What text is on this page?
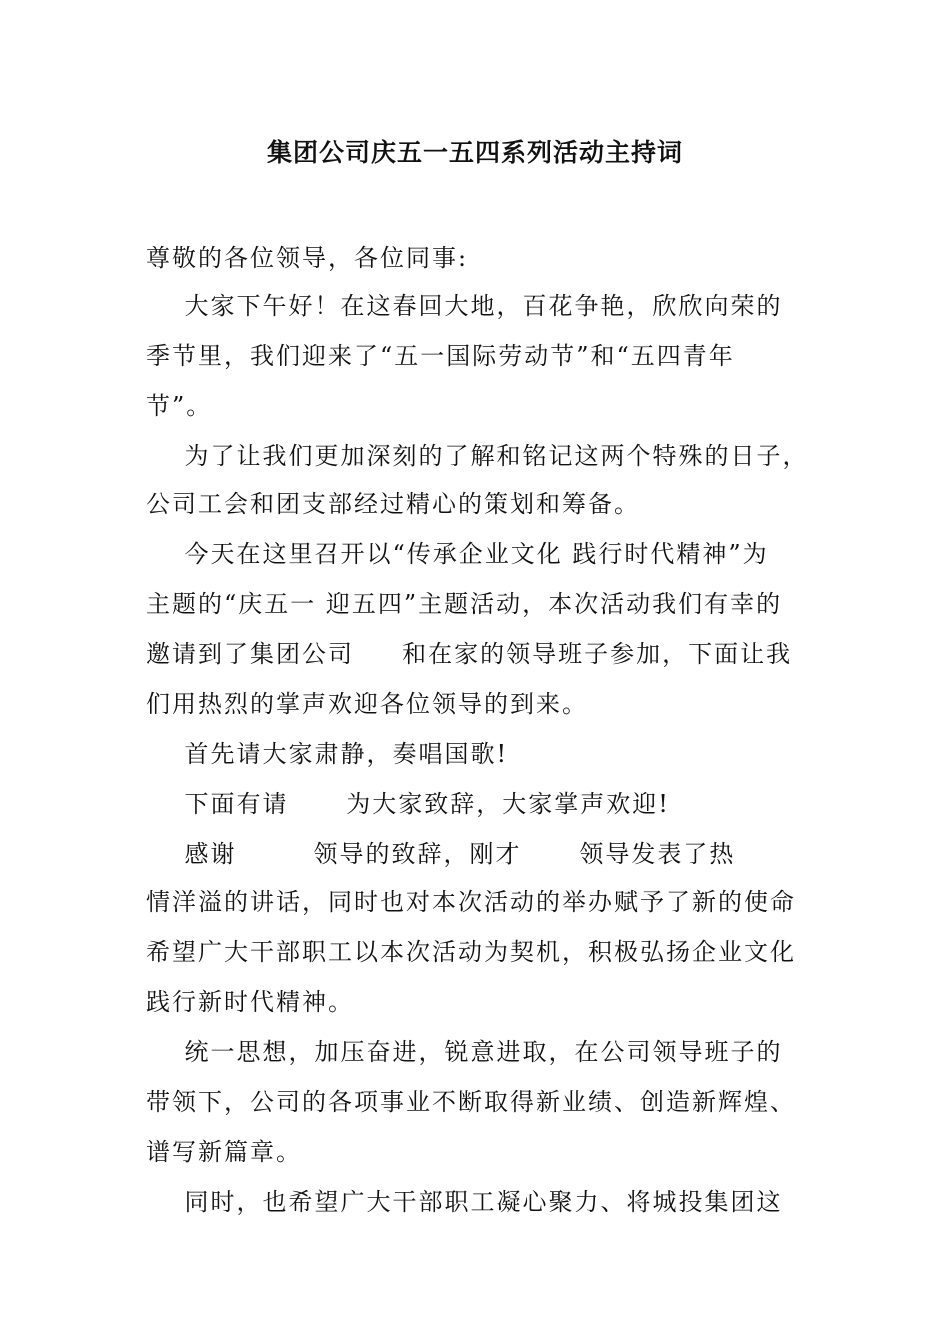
集团公司庆五一五四系列活动主持词
尊敬的各位领导，各位同事:
大家下午好！在这春回大地，百花争艳，欣欣向荣的
季节里，我们迎来了“五一国际劳动节”和“五四青年
节”。
为了让我们更加深刻的了解和铭记这两个特殊的日子，
公司工会和团支部经过精心的策划和筹备。
今天在这里召开以“传承企业文化 践行时代精神”为
主题的“庆五一 迎五四”主题活动，本次活动我们有幸的
邀请到了集团公司     和在家的领导班子参加，下面让我
们用热烈的掌声欢迎各位领导的到来。
首先请大家肃静，奏唱国歌!
下面有请      为大家致辞，大家掌声欢迎!
感谢        领导的致辞，刚才      领导发表了热
情洋溢的讲话，同时也对本次活动的举办赋予了新的使命
希望广大干部职工以本次活动为契机，积极弘扬企业文化
践行新时代精神。
统一思想，加压奋进，锐意进取，在公司领导班子的
带领下，公司的各项事业不断取得新业绩、创造新辉煌、
谱写新篇章。
同时，也希望广大干部职工凝心聚力、将城投集团这
